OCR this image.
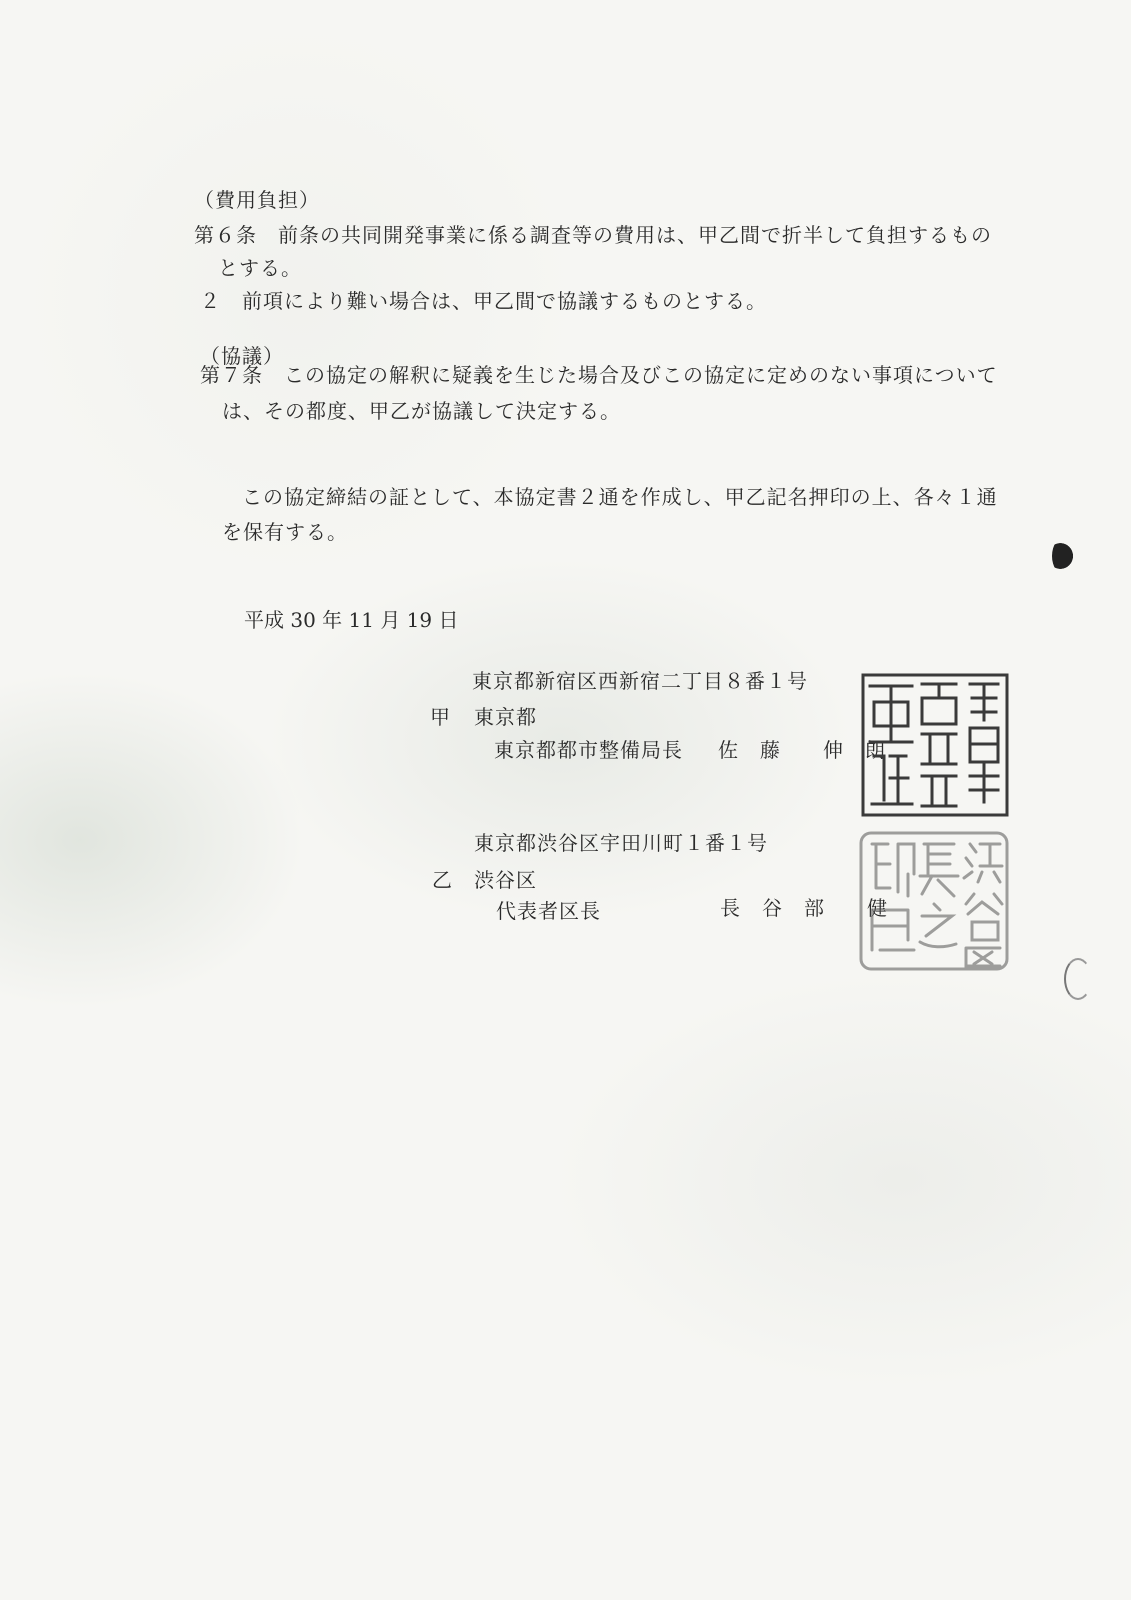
（費用負担）
第６条　前条の共同開発事業に係る調査等の費用は、甲乙間で折半して負担するもの
とする。
２　前項により難い場合は、甲乙間で協議するものとする。
（協議）
第７条　この協定の解釈に疑義を生じた場合及びこの協定に定めのない事項について
は、その都度、甲乙が協議して決定する。
この協定締結の証として、本協定書２通を作成し、甲乙記名押印の上、各々１通
を保有する。
平成 30 年 11 月 19 日
東京都新宿区西新宿二丁目８番１号
甲 東京都
東京都都市整備局長 佐　藤　　伸　朗
東京都渋谷区宇田川町１番１号
乙 渋谷区
代表者区長	長　谷　部　　健
